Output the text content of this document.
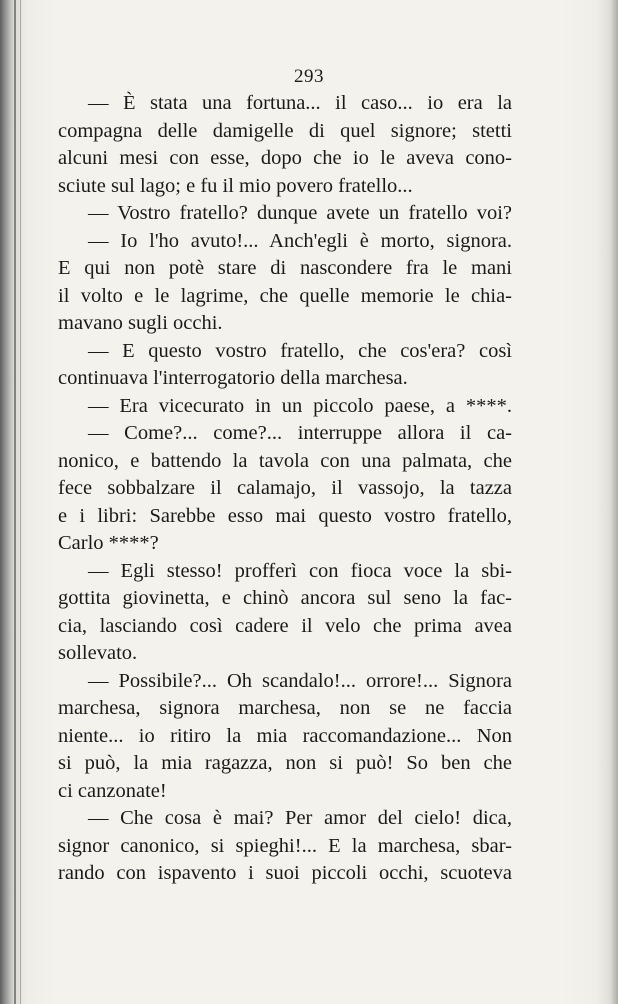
293
— È stata una fortuna... il caso... io era la
compagna delle damigelle di quel signore; stetti
alcuni mesi con esse, dopo che io le aveva cono-
sciute sul lago; e fu il mio povero fratello...
— Vostro fratello? dunque avete un fratello voi?
— Io l'ho avuto!... Anch'egli è morto, signora.
E qui non potè stare di nascondere fra le mani
il volto e le lagrime, che quelle memorie le chia-
mavano sugli occhi.
— E questo vostro fratello, che cos'era? così
continuava l'interrogatorio della marchesa.
— Era vicecurato in un piccolo paese, a ****.
— Come?... come?... interruppe allora il ca-
nonico, e battendo la tavola con una palmata, che
fece sobbalzare il calamajo, il vassojo, la tazza
e i libri: Sarebbe esso mai questo vostro fratello,
Carlo ****?
— Egli stesso! profferì con fioca voce la sbi-
gottita giovinetta, e chinò ancora sul seno la fac-
cia, lasciando così cadere il velo che prima avea
sollevato.
— Possibile?... Oh scandalo!... orrore!... Signora
marchesa, signora marchesa, non se ne faccia
niente... io ritiro la mia raccomandazione... Non
si può, la mia ragazza, non si può! So ben che
ci canzonate!
— Che cosa è mai? Per amor del cielo! dica,
signor canonico, si spieghi!... E la marchesa, sbar-
rando con ispavento i suoi piccoli occhi, scuoteva
